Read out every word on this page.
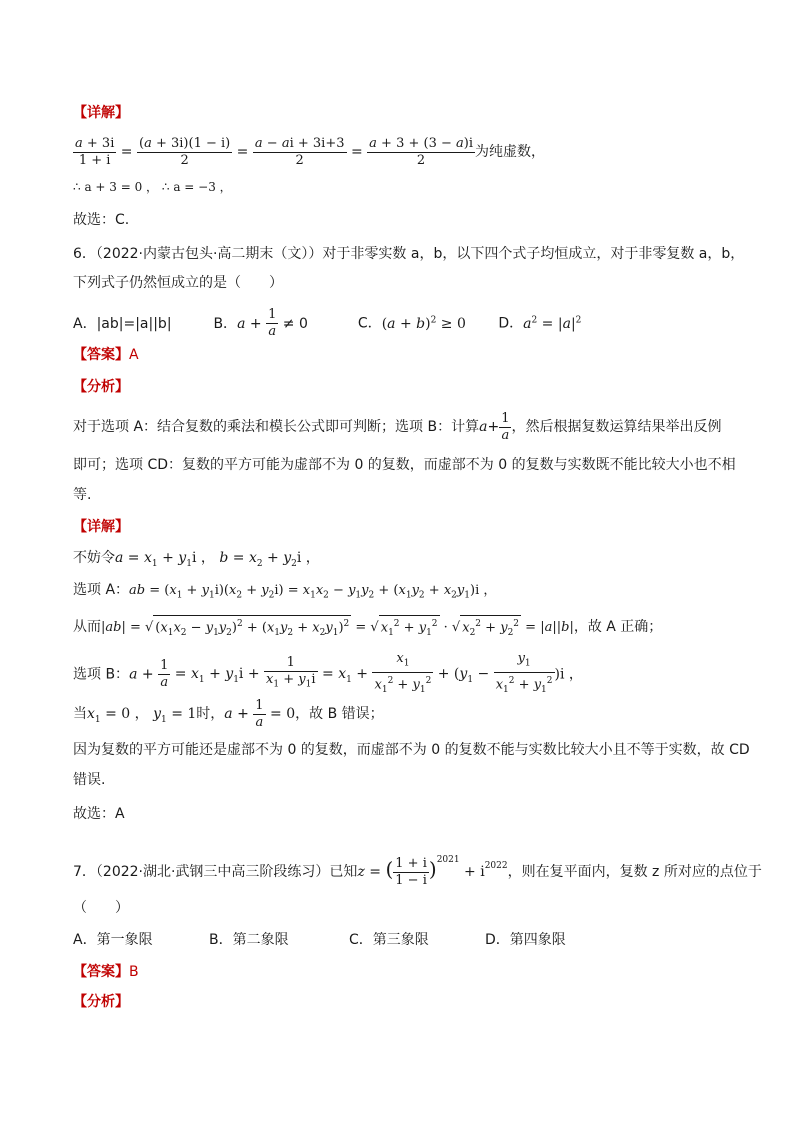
【详解】
$\frac{a + 3i}{1 + i} = \frac{(a + 3i)(1 - i)}{2} = \frac{a - ai + 3i+3}{2} = \frac{a + 3 + (3 - a)i}{2}$ 为纯虚数，
∴ a + 3 = 0 ， ∴ a = −3 ，
故选：C.
6．（2022·内蒙古包头·高二期末（文））对于非零实数 a，b，以下四个式子均恒成立，对于非零复数 a，b，
下列式子仍然恒成立的是（　　）
A．|ab|=|a||b|	B．$a + \frac{1}{a} \ne 0$	C．$(a + b)^2 \ge 0$ D．$a^2 = |a|^2$
【答案】A
【分析】
对于选项 A：结合复数的乘法和模长公式即可判断；选项 B：计算$a+ \frac{1}{a}$ ，然后根据复数运算结果举出反例
即可；选项 CD：复数的平方可能为虚部不为 0 的复数，而虚部不为 0 的复数与实数既不能比较大小也不相
等.
【详解】
不妨令$a = x_1 + y_1i$ ， $b = x_2 + y_2i$ ，
选项 A：ab = $(x_1 + y_1i)(x_2 + y_2i) = x_1x_2 - y_1y_2 + (x_1y_2 + x_2y_1)i$ ，
从而|ab| = √ $(x_1x_2 - y_1y_2)^2 + (x_1y_2 + x_2y_1)^2$ = √ $x_1^2 + y_1^2$ · √ $x_2^2 + y_2^2 = |a||b|$，故 A 正确；
选项 B：$a + \frac{1}{a} = x_1 + y_1i + \frac{1}{x_1 + y_1i} = x_1 + \frac{x_1}{x_1^2 + y_1^2} + (y_1 - \frac{y_1}{x_1^2 + y_1^2} )i$ ，
当$x_1 = 0$ ， $y_1 = 1$时，$a + \frac{1}{a} = 0$，故 B 错误；
因为复数的平方可能还是虚部不为 0 的复数，而虚部不为 0 的复数不能与实数比较大小且不等于实数，故 CD
错误.
故选：A
7．（2022·湖北·武钢三中高三阶段练习）已知z = ( $\frac{1 + i}{1 - i} )^{2021} + i^{2022}$，则在复平面内，复数 z 所对应的点位于
（　　）
A．第一象限	B．第二象限	C．第三象限	D．第四象限
【答案】B
【分析】
